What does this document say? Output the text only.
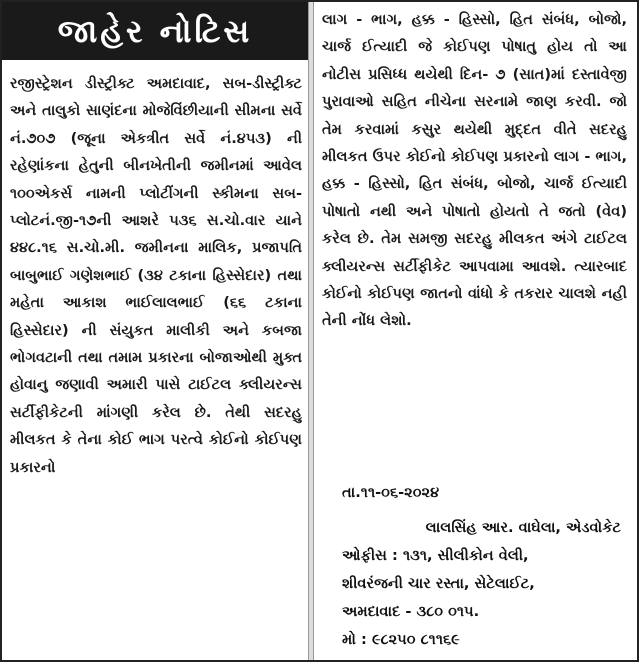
જાહેર નોટિસ
રજીસ્ટ્રેશન ડીસ્ટ્રીક્ટ અમદાવાદ, સબ-ડીસ્ટ્રીક્ટ અને તાલુકો સાણંદના મોજેવિંછીયાની સીમના સર્વે નં.૭૦૭ (જૂના એકત્રીત સર્વે નં.૪૫૩) ની રહેણાંકના હેતુની બીનખેતીની જમીનમાં આવેલ ૧૦૦એકર્સ નામની પ્લોટીંગની સ્કીમના સબ-પ્લોટનં.જી-૧૭ની આશરે ૫૩૬ સ.ચો.વાર યાને ૪૪૮.૧૬ સ.ચો.મી. જમીનના માલિક, પ્રજાપતિ બાબુભાઈ ગણેશભાઈ (૩૪ ટકાના હિસ્સેદાર) તથા મહેતા આકાશ ભાઈલાલભાઈ (૬૬ ટકાના હિસ્સેદાર) ની સંયુકત માલીકી અને કબજા ભોગવટાની તથા તમામ પ્રકારના બોજાઓથી મુક્ત હોવાનુ જણાવી અમારી પાસે ટાઈટલ ક્લીયરન્સ સર્ટીફીકેટની માંગણી કરેલ છે. તેથી સદરહુ મીલકત કે તેના કોઈ ભાગ પરત્વે કોઈનો કોઈપણ પ્રકારનો
લાગ - ભાગ, હક્ક - હિસ્સો, હિત સંબંધ, બોજો, ચાર્જ ઈત્યાદી જે કોઈપણ પોષાતુ હોય તો આ નોટીસ પ્રસિધ્ધ થયેથી દિન- ૭ (સાત)માં દસ્તાવેજી પુરાવાઓ સહિત નીચેના સરનામે જાણ કરવી. જો તેમ કરવામાં કસુર થયેથી મુદ્દત વીતે સદરહુ મીલકત ઉપર કોઈનો કોઈપણ પ્રકારનો લાગ - ભાગ, હક્ક - હિસ્સો, હિત સંબંધ, બોજો, ચાર્જ ઈત્યાદી પોષાતો નથી અને પોષાતો હોયતો તે જતો (વેવ) કરેલ છે. તેમ સમજી સદરહુ મીલકત અંગે ટાઈટલ ક્લીયરન્સ સર્ટીફીકેટ આપવામા આવશે. ત્યારબાદ કોઈનો કોઈપણ જાતનો વાંધો કે તકરાર ચાલશે નહી તેની નોંધ લેશો.
તા.૧૧-૦૬-૨૦૨૪
લાલસિંહ આર. વાઘેલા, એડવોકેટ
ઓફીસ : ૧૩૧, સીલીકોન વેલી,
શીવરંજની ચાર રસ્તા, સેટેલાઈટ,
અમદાવાદ - ૩૮૦ ૦૧૫.
મો : ૯૮૨૫૦ ૮૧૧૬૯
